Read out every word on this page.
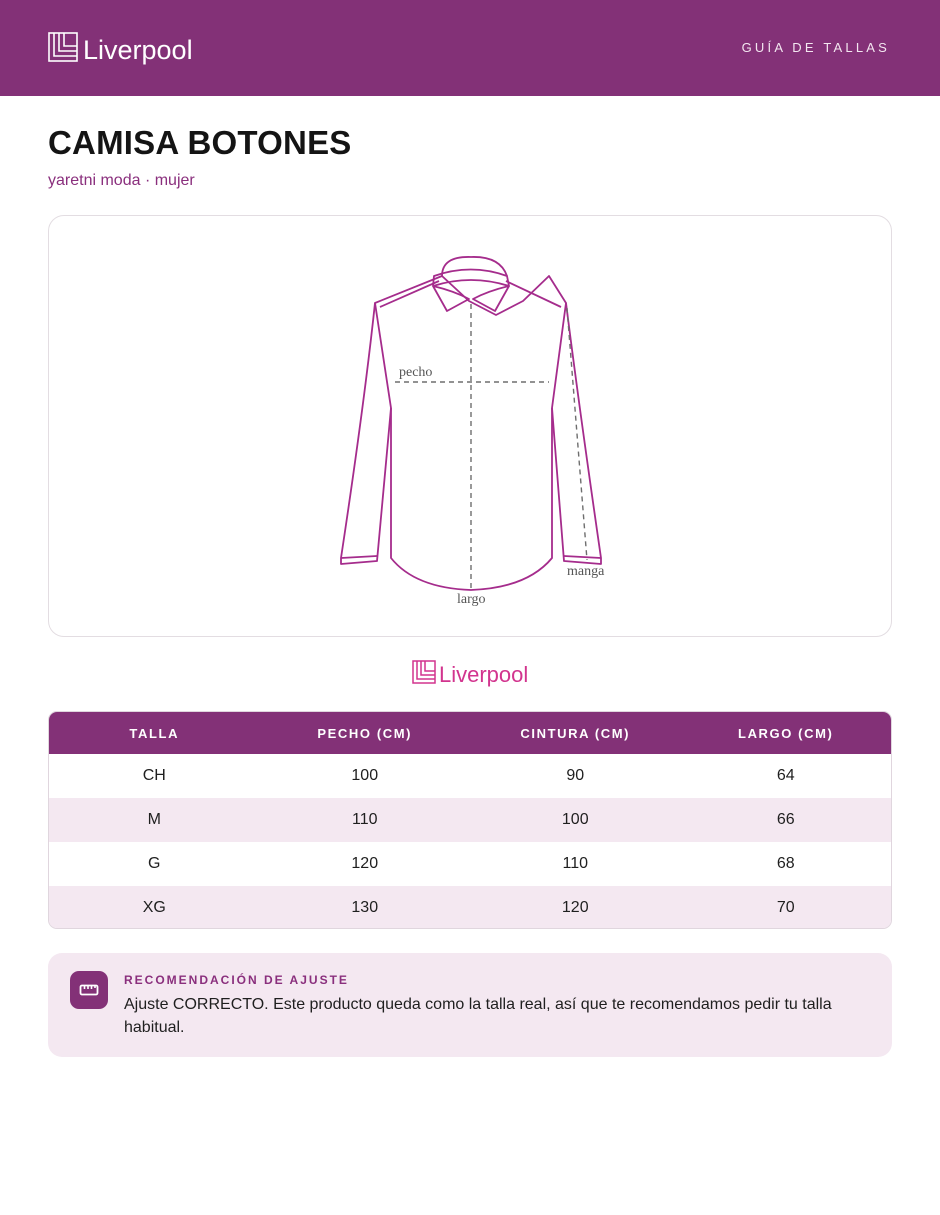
Liverpool	GUÍA DE TALLAS
CAMISA BOTONES
yaretni moda · mujer
pecho
largo
manga
Liverpool
TALLA	PECHO (CM)	CINTURA (CM)	LARGO (CM)
CH	100	90	64
M	110	100	66
G	120	110	68
XG	130	120	70
RECOMENDACIÓN DE AJUSTE
Ajuste CORRECTO. Este producto queda como la talla real, así que te recomendamos pedir tu talla habitual.
